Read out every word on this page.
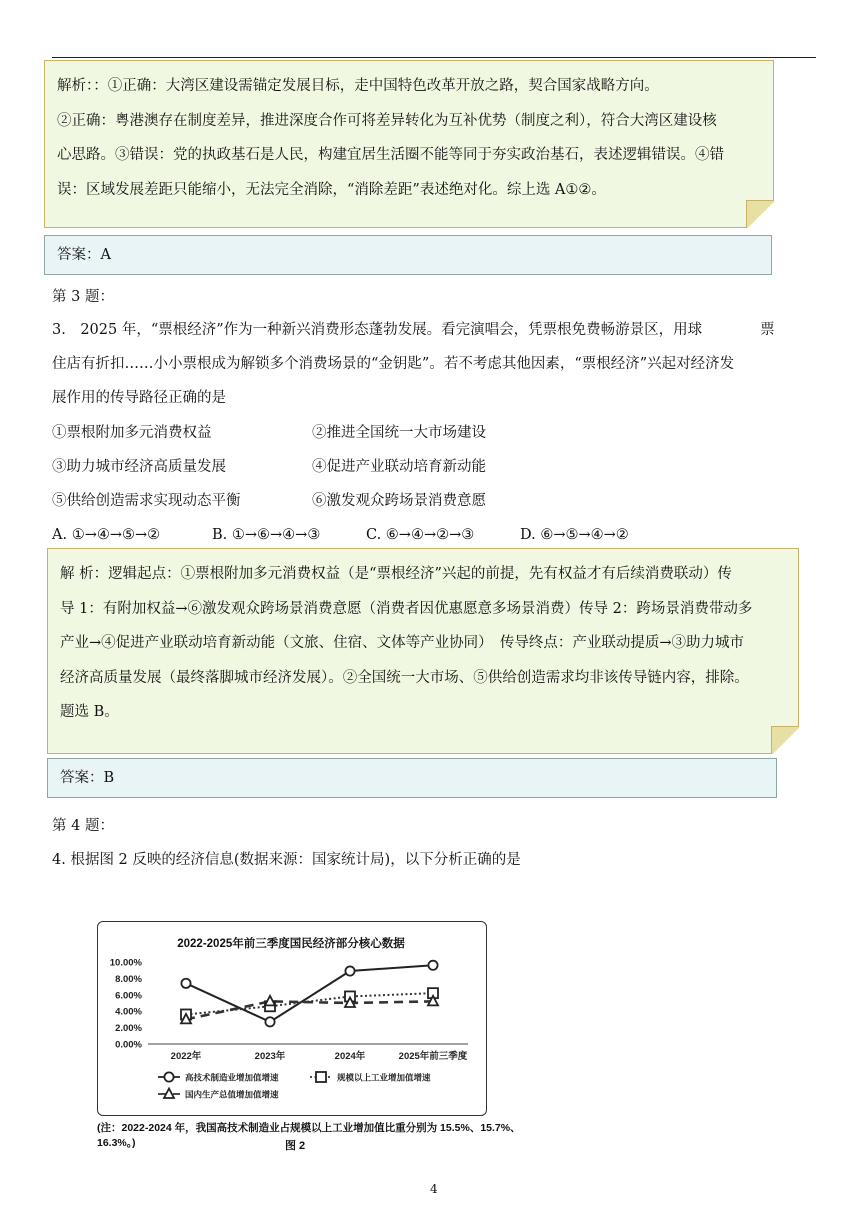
解析：：①正确：大湾区建设需锚定发展目标，走中国特色改革开放之路，契合国家战略方向。

②正确：粤港澳存在制度差异，推进深度合作可将差异转化为互补优势（制度之利），符合大湾区建设核

心思路。③错误：党的执政基石是人民，构建宜居生活圈不能等同于夯实政治基石，表述逻辑错误。④错

误：区域发展差距只能缩小，无法完全消除，“消除差距”表述绝对化。综上选 A①②。

答案：A

第 3 题：

3.　2025 年，“票根经济”作为一种新兴消费形态蓬勃发展。看完演唱会，凭票根免费畅游景区，用球　　　　票

住店有折扣……小小票根成为解锁多个消费场景的“金钥匙”。若不考虑其他因素，“票根经济”兴起对经济发

展作用的传导路径正确的是

①票根附加多元消费权益	②推进全国统一大市场建设
③助力城市经济高质量发展	④促进产业联动培育新动能
⑤供给创造需求实现动态平衡	⑥激发观众跨场景消费意愿
A. ①→④→⑤→②	B. ①→⑥→④→③	C. ⑥→④→②→③	D. ⑥→⑤→④→②

解 析：逻辑起点：①票根附加多元消费权益（是“票根经济”兴起的前提，先有权益才有后续消费联动）传

导 1：有附加权益→⑥激发观众跨场景消费意愿（消费者因优惠愿意多场景消费）传导 2：跨场景消费带动多

产业→④促进产业联动培育新动能（文旅、住宿、文体等产业协同）　传导终点：产业联动提质→③助力城市

经济高质量发展（最终落脚城市经济发展）。②全国统一大市场、⑤供给创造需求均非该传导链内容，排除。

题选 B。

答案：B

第 4 题：

4. 根据图 2 反映的经济信息(数据来源：国家统计局)，以下分析正确的是

2022-2025年前三季度国民经济部分核心数据
0.00%
2.00%
4.00%
6.00%
8.00%
10.00%
2022年	2023年	2024年	2025年前三季度
高技术制造业增加值增速	规模以上工业增加值增速
国内生产总值增加值增速
(注：2022-2024 年，我国高技术制造业占规模以上工业增加值比重分别为 15.5%、15.7%、16.3%。)	图 2
4
